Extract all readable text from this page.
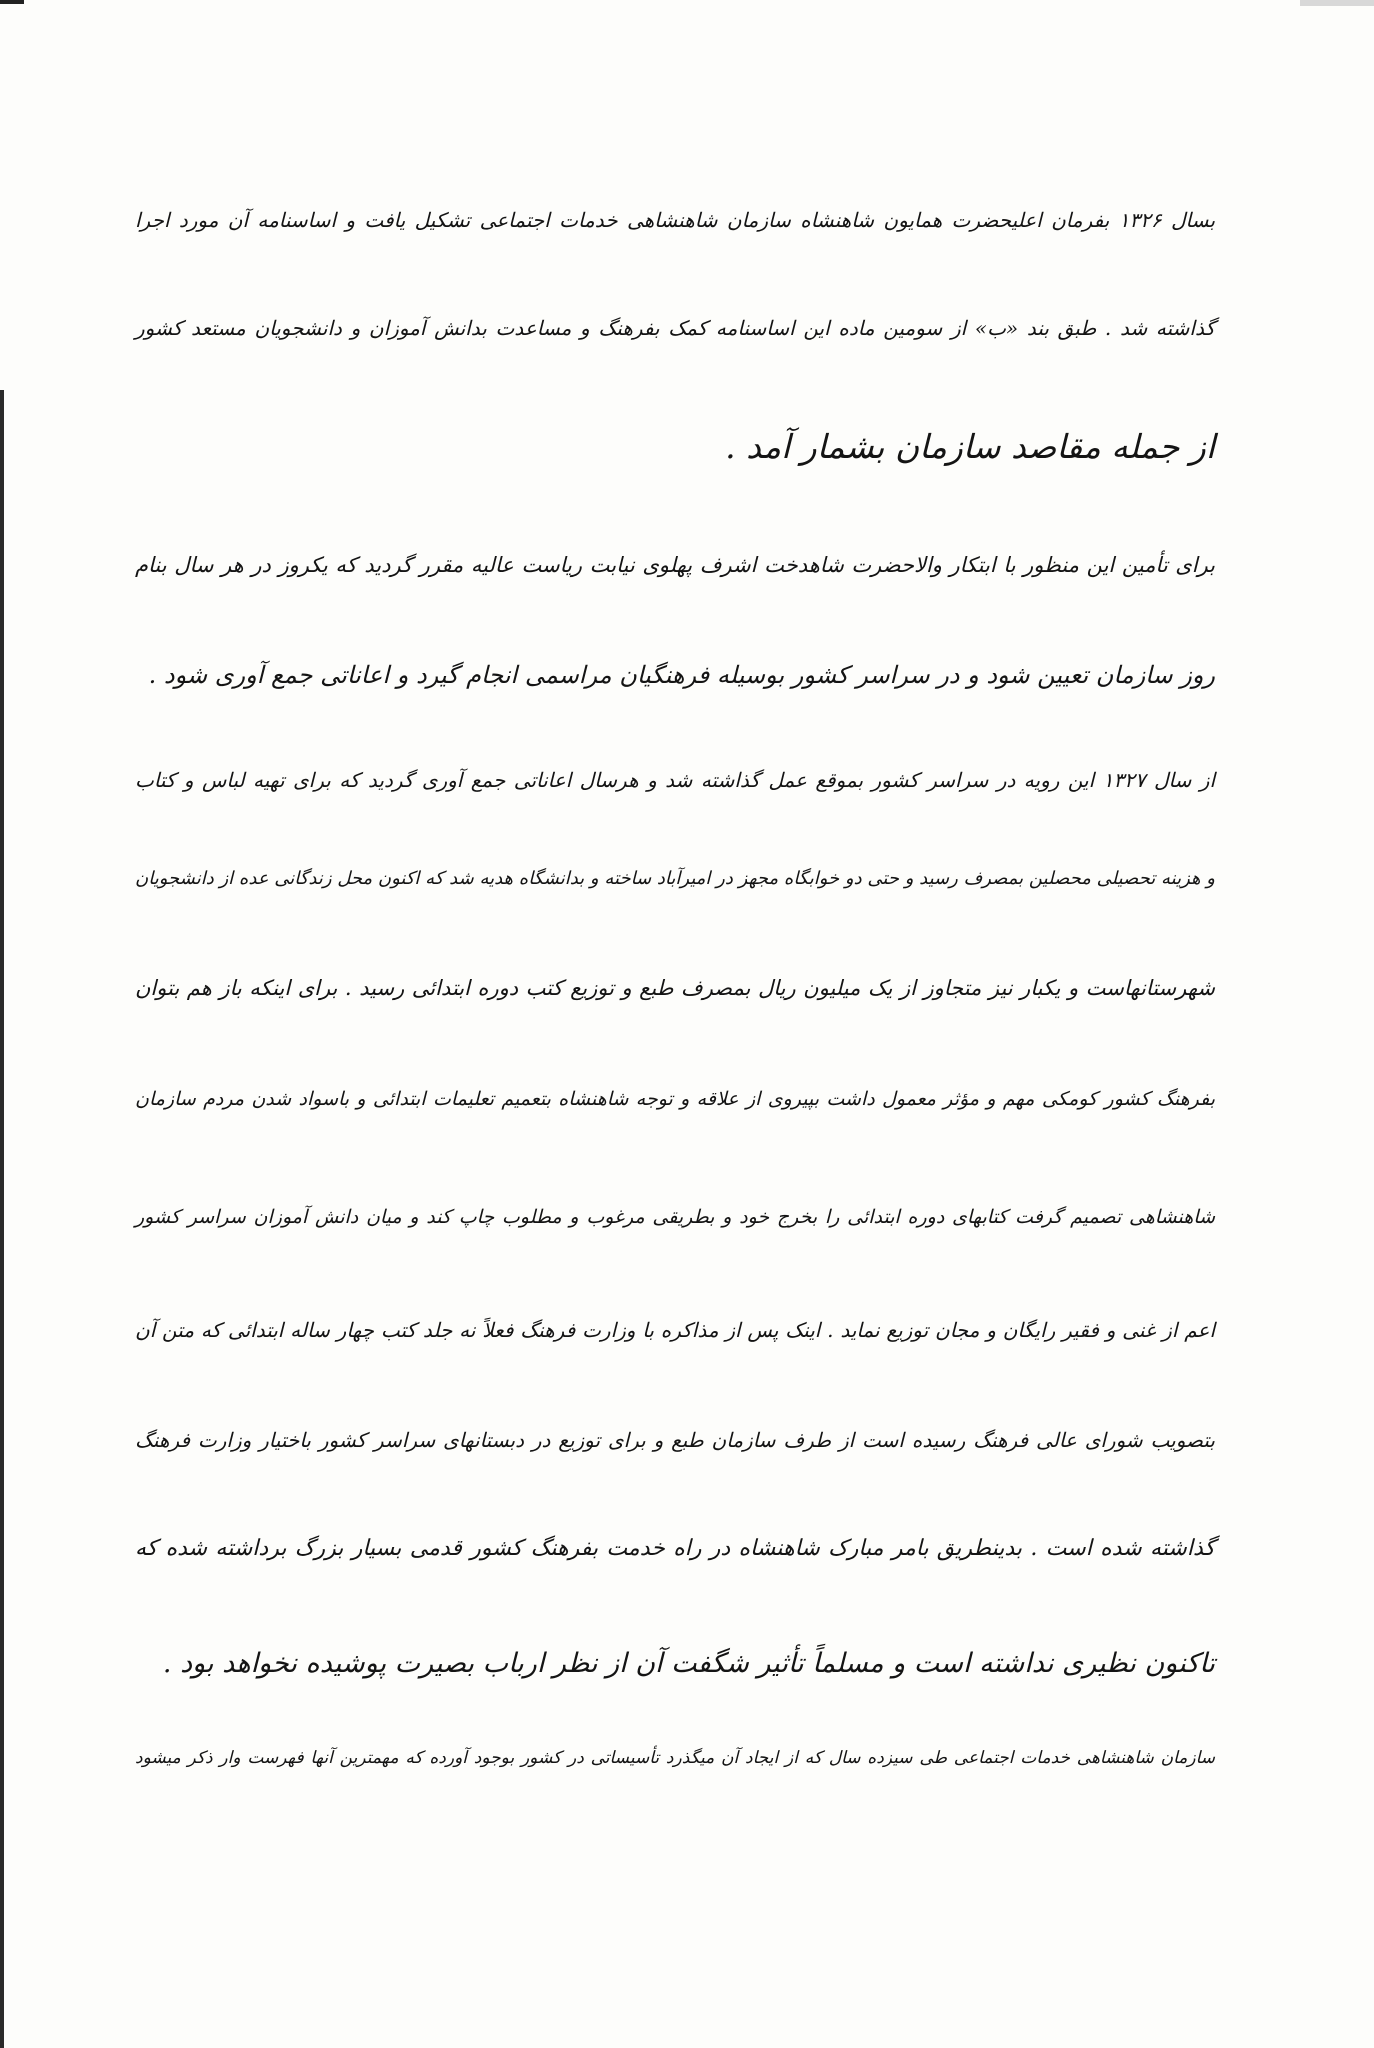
بسال ۱۳۲۶ بفرمان اعلیحضرت همایون شاهنشاه سازمان شاهنشاهی خدمات اجتماعی تشکیل یافت و اساسنامه آن مورد اجرا
گذاشته شد . طبق بند «ب» از سومین ماده این اساسنامه کمک بفرهنگ و مساعدت بدانش آموزان و دانشجویان مستعد کشور
از جمله مقاصد سازمان بشمار آمد .
برای تأمین این منظور با ابتکار والاحضرت شاهدخت اشرف پهلوی نیابت ریاست عالیه مقرر گردید که یکروز در هر سال بنام
روز سازمان تعیین شود و در سراسر کشور بوسیله فرهنگیان مراسمی انجام گیرد و اعاناتی جمع آوری شود .
از سال ۱۳۲۷ این رویه در سراسر کشور بموقع عمل گذاشته شد و هرسال اعاناتی جمع آوری گردید که برای تهیه لباس و کتاب
و هزینه تحصیلی محصلین بمصرف رسید و حتی دو خوابگاه مجهز در امیرآباد ساخته و بدانشگاه هدیه شد که اکنون محل زندگانی عده از دانشجویان
شهرستانهاست و یکبار نیز متجاوز از یک میلیون ریال بمصرف طبع و توزیع کتب دوره ابتدائی رسید . برای اینکه باز هم بتوان
بفرهنگ کشور کومکی مهم و مؤثر معمول داشت بپیروی از علاقه و توجه شاهنشاه بتعمیم تعلیمات ابتدائی و باسواد شدن مردم سازمان
شاهنشاهی تصمیم گرفت کتابهای دوره ابتدائی را بخرج خود و بطریقی مرغوب و مطلوب چاپ کند و میان دانش آموزان سراسر کشور
اعم از غنی و فقیر رایگان و مجان توزیع نماید . اینک پس از مذاکره با وزارت فرهنگ فعلاً نه جلد کتب چهار ساله ابتدائی که متن آن
بتصویب شورای عالی فرهنگ رسیده است از طرف سازمان طبع و برای توزیع در دبستانهای سراسر کشور باختیار وزارت فرهنگ
گذاشته شده است . بدینطریق بامر مبارک شاهنشاه در راه خدمت بفرهنگ کشور قدمی بسیار بزرگ برداشته شده که
تاکنون نظیری نداشته است و مسلماً تأثیر شگفت آن از نظر ارباب بصیرت پوشیده نخواهد بود .
سازمان شاهنشاهی خدمات اجتماعی طی سیزده سال که از ایجاد آن میگذرد تأسیساتی در کشور بوجود آورده که مهمترین آنها فهرست وار ذکر میشود
